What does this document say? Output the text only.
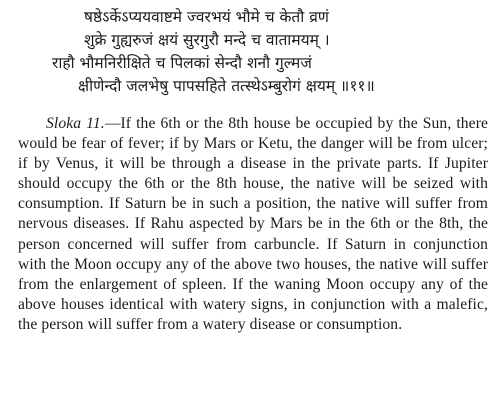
षष्ठेऽर्केऽप्ययवाष्टमे ज्वरभयं भौमे च केतौ व्रणं
शुक्रे गुह्यरुजं क्षयं सुरगुरौ मन्दे च वातामयम् ।
राहौ भौमनिरीक्षिते च पिलकां सेन्दौ शनौ गुल्मजं
क्षीणेन्दौ जलभेषु पापसहिते तत्स्थेऽम्बुरोगं क्षयम् ॥११॥

Sloka 11.—If the 6th or the 8th house be occupied by the Sun, there would be fear of fever; if by Mars or Ketu, the danger will be from ulcer; if by Venus, it will be through a disease in the private parts. If Jupiter should occupy the 6th or the 8th house, the native will be seized with consumption. If Saturn be in such a position, the native will suffer from nervous diseases. If Rahu aspected by Mars be in the 6th or the 8th, the person concerned will suffer from carbuncle. If Saturn in conjunction with the Moon occupy any of the above two houses, the native will suffer from the enlargement of spleen. If the waning Moon occupy any of the above houses identical with watery signs, in conjunction with a malefic, the person will suffer from a watery disease or consumption.
